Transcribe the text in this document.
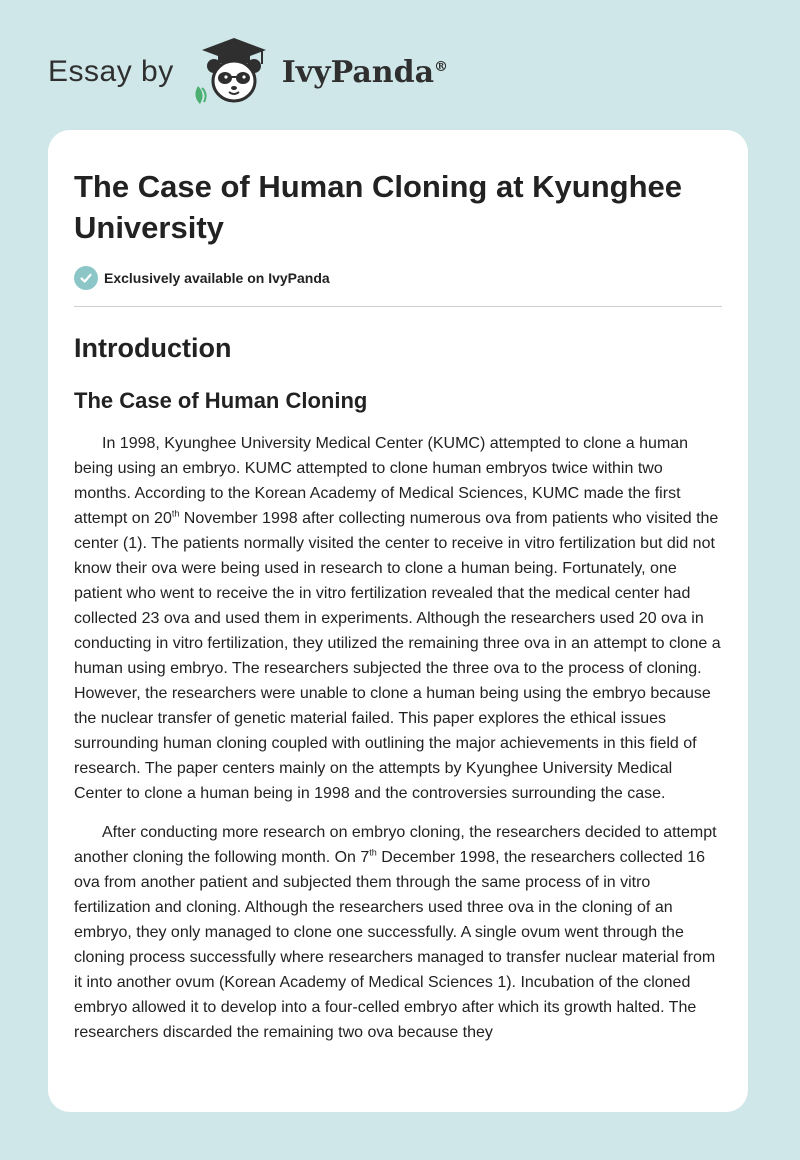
Essay by	IvyPanda®
The Case of Human Cloning at Kyunghee University
Exclusively available on IvyPanda
Introduction
The Case of Human Cloning

In 1998, Kyunghee University Medical Center (KUMC) attempted to clone a human being using an embryo. KUMC attempted to clone human embryos twice within two months. According to the Korean Academy of Medical Sciences, KUMC made the first attempt on 20th November 1998 after collecting numerous ova from patients who visited the center (1). The patients normally visited the center to receive in vitro fertilization but did not know their ova were being used in research to clone a human being. Fortunately, one patient who went to receive the in vitro fertilization revealed that the medical center had collected 23 ova and used them in experiments. Although the researchers used 20 ova in conducting in vitro fertilization, they utilized the remaining three ova in an attempt to clone a human using embryo. The researchers subjected the three ova to the process of cloning. However, the researchers were unable to clone a human being using the embryo because the nuclear transfer of genetic material failed. This paper explores the ethical issues surrounding human cloning coupled with outlining the major achievements in this field of research. The paper centers mainly on the attempts by Kyunghee University Medical Center to clone a human being in 1998 and the controversies surrounding the case.

After conducting more research on embryo cloning, the researchers decided to attempt another cloning the following month. On 7th December 1998, the researchers collected 16 ova from another patient and subjected them through the same process of in vitro fertilization and cloning. Although the researchers used three ova in the cloning of an embryo, they only managed to clone one successfully. A single ovum went through the cloning process successfully where researchers managed to transfer nuclear material from it into another ovum (Korean Academy of Medical Sciences 1). Incubation of the cloned embryo allowed it to develop into a four-celled embryo after which its growth halted. The researchers discarded the remaining two ova because they
